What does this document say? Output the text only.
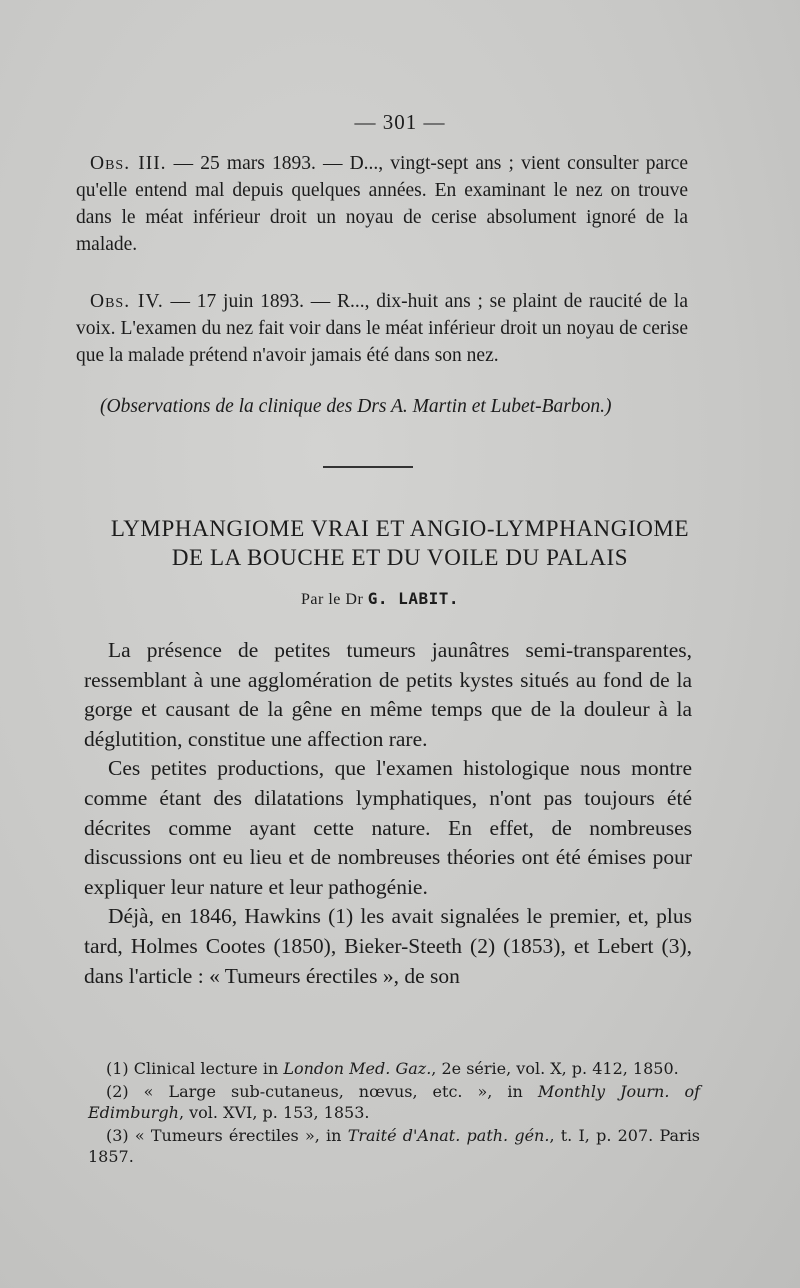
— 301 —
Obs. III. — 25 mars 1893. — D..., vingt-sept ans ; vient consulter parce qu'elle entend mal depuis quelques années. En examinant le nez on trouve dans le méat inférieur droit un noyau de cerise absolument ignoré de la malade.
Obs. IV. — 17 juin 1893. — R..., dix-huit ans ; se plaint de raucité de la voix. L'examen du nez fait voir dans le méat inférieur droit un noyau de cerise que la malade prétend n'avoir jamais été dans son nez.
(Observations de la clinique des Drs A. Martin et Lubet-Barbon.)
LYMPHANGIOME VRAI ET ANGIO-LYMPHANGIOME
DE LA BOUCHE ET DU VOILE DU PALAIS
Par le Dr G. LABIT.

La présence de petites tumeurs jaunâtres semi-transparentes, ressemblant à une agglomération de petits kystes situés au fond de la gorge et causant de la gêne en même temps que de la douleur à la déglutition, constitue une affection rare.

Ces petites productions, que l'examen histologique nous montre comme étant des dilatations lymphatiques, n'ont pas toujours été décrites comme ayant cette nature. En effet, de nombreuses discussions ont eu lieu et de nombreuses théories ont été émises pour expliquer leur nature et leur pathogénie.

Déjà, en 1846, Hawkins (1) les avait signalées le premier, et, plus tard, Holmes Cootes (1850), Bieker-Steeth (2) (1853), et Lebert (3), dans l'article : « Tumeurs érectiles », de son

(1) Clinical lecture in London Med. Gaz., 2e série, vol. X, p. 412, 1850.

(2) « Large sub-cutaneus, nœvus, etc. », in Monthly Journ. of Edimburgh, vol. XVI, p. 153, 1853.

(3) « Tumeurs érectiles », in Traité d'Anat. path. gén., t. I, p. 207. Paris 1857.
